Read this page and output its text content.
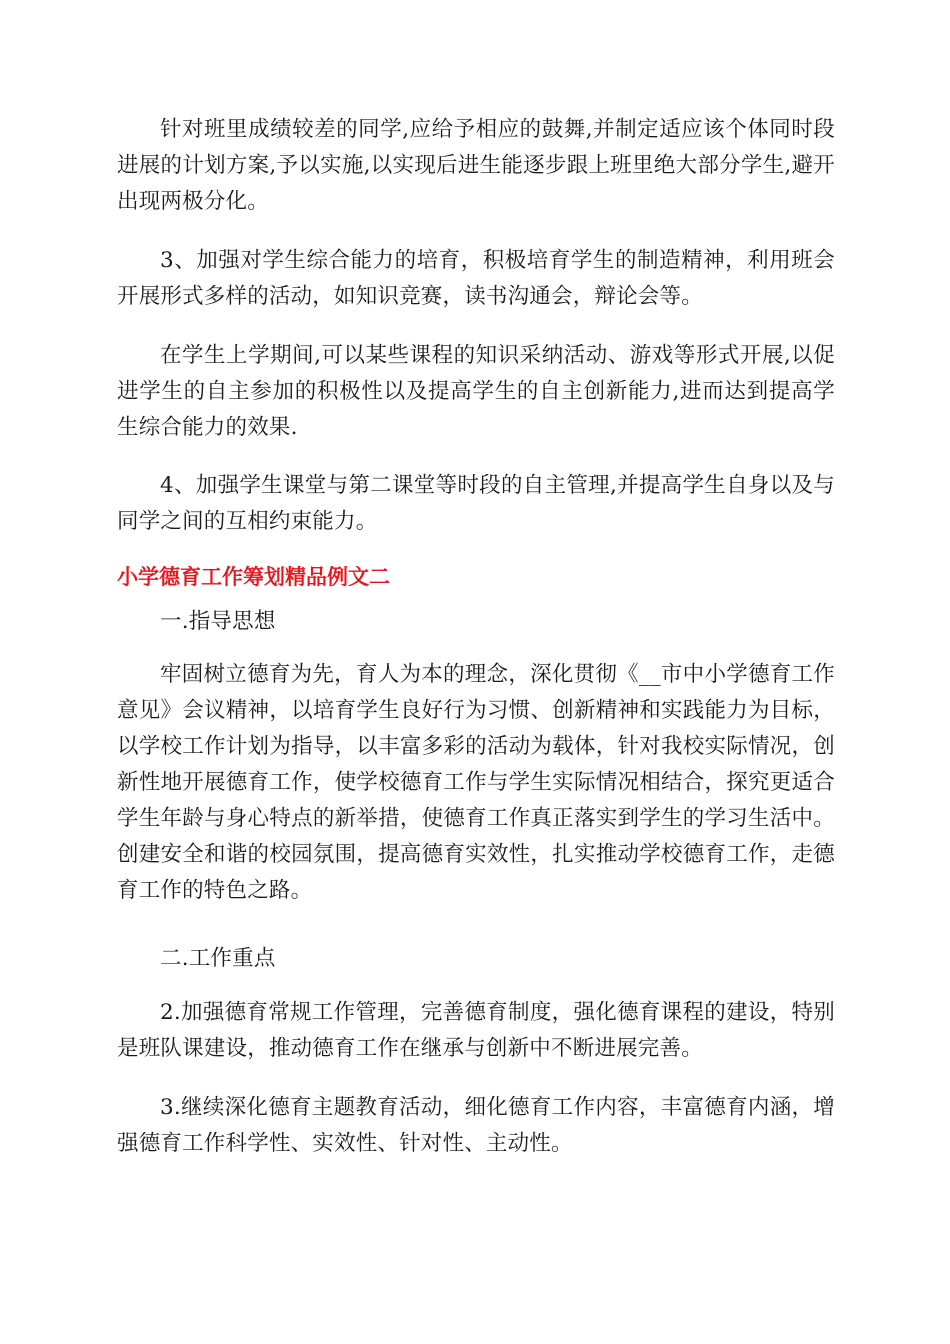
针对班里成绩较差的同学,应给予相应的鼓舞,并制定适应该个体同时段进展的计划方案,予以实施,以实现后进生能逐步跟上班里绝大部分学生,避开出现两极分化。

3、加强对学生综合能力的培育，积极培育学生的制造精神，利用班会开展形式多样的活动，如知识竞赛，读书沟通会，辩论会等。

在学生上学期间,可以某些课程的知识采纳活动、游戏等形式开展,以促进学生的自主参加的积极性以及提高学生的自主创新能力,进而达到提高学生综合能力的效果.

4、加强学生课堂与第二课堂等时段的自主管理,并提高学生自身以及与同学之间的互相约束能力。

小学德育工作筹划精品例文二

一.指导思想

牢固树立德育为先，育人为本的理念，深化贯彻《__市中小学德育工作意见》会议精神，以培育学生良好行为习惯、创新精神和实践能力为目标，以学校工作计划为指导，以丰富多彩的活动为载体，针对我校实际情况，创新性地开展德育工作，使学校德育工作与学生实际情况相结合，探究更适合学生年龄与身心特点的新举措，使德育工作真正落实到学生的学习生活中。创建安全和谐的校园氛围，提高德育实效性，扎实推动学校德育工作，走德育工作的特色之路。

二.工作重点

2.加强德育常规工作管理，完善德育制度，强化德育课程的建设，特别是班队课建设，推动德育工作在继承与创新中不断进展完善。

3.继续深化德育主题教育活动，细化德育工作内容，丰富德育内涵，增强德育工作科学性、实效性、针对性、主动性。
